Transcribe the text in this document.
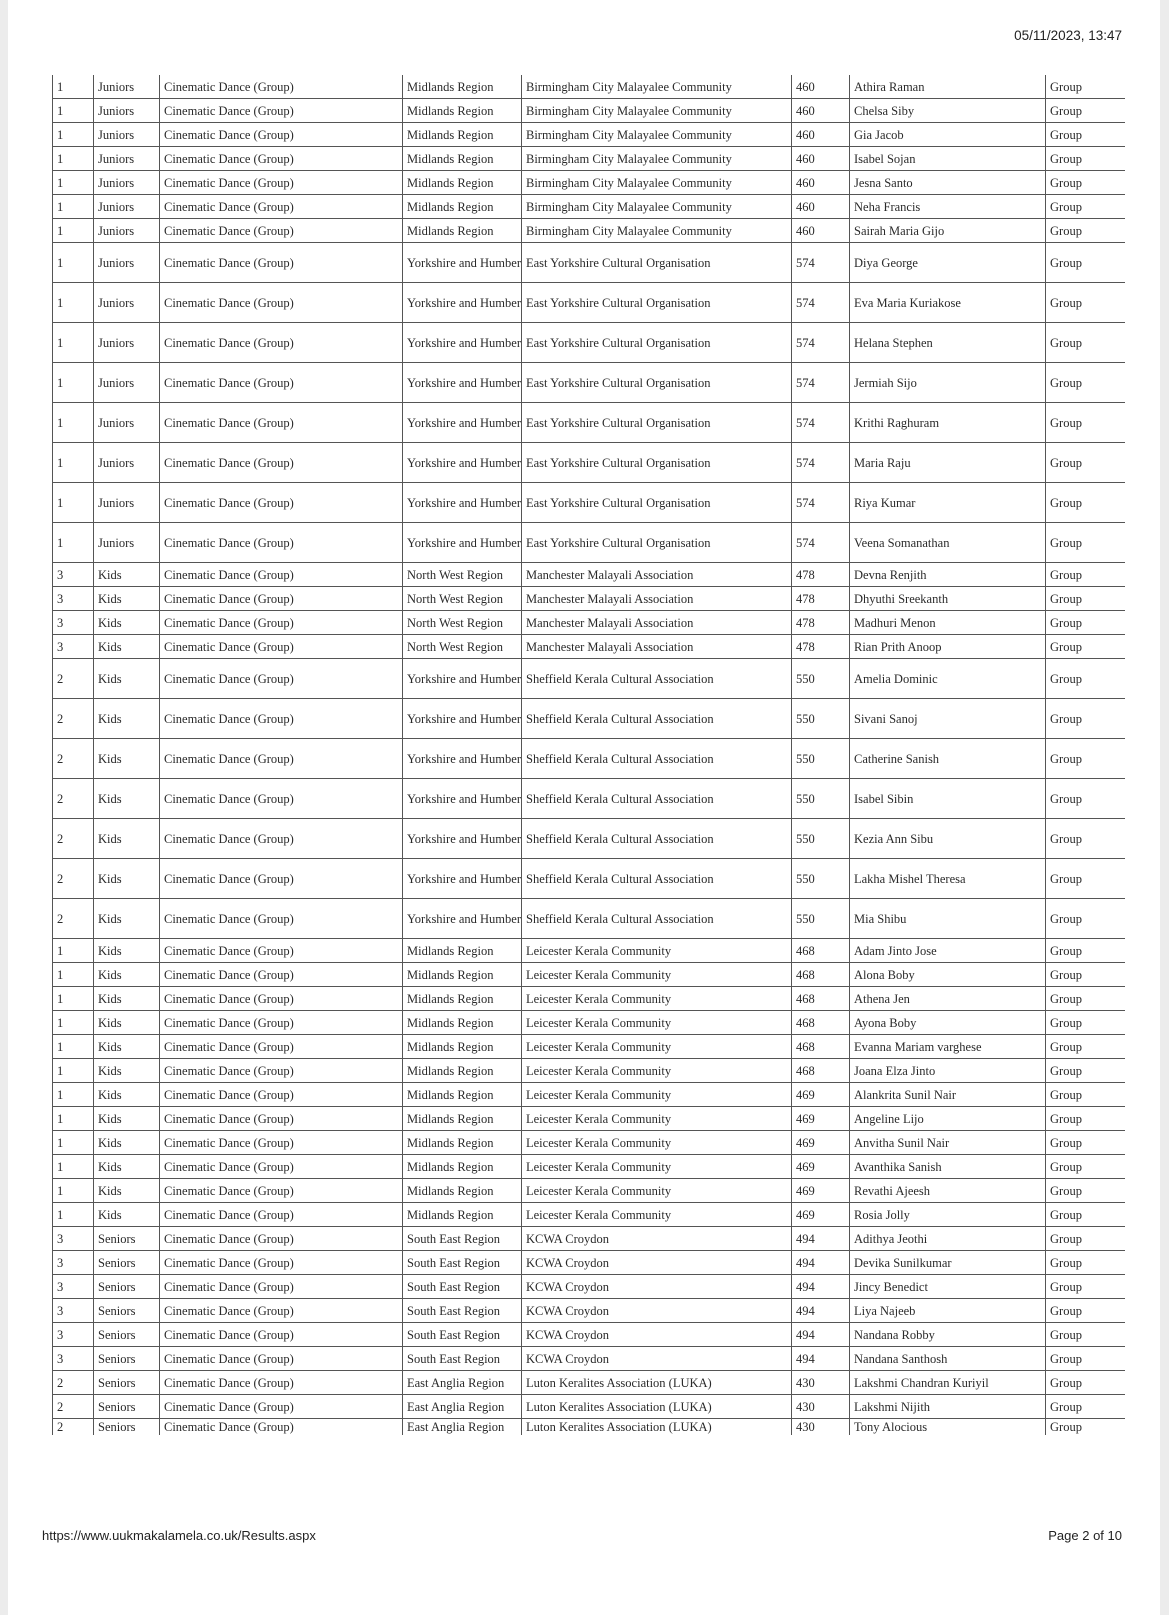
05/11/2023, 13:47
1	Juniors	Cinematic Dance (Group)	Midlands Region	Birmingham City Malayalee Community	460	Athira Raman	Group
1	Juniors	Cinematic Dance (Group)	Midlands Region	Birmingham City Malayalee Community	460	Chelsa Siby	Group
1	Juniors	Cinematic Dance (Group)	Midlands Region	Birmingham City Malayalee Community	460	Gia Jacob	Group
1	Juniors	Cinematic Dance (Group)	Midlands Region	Birmingham City Malayalee Community	460	Isabel Sojan	Group
1	Juniors	Cinematic Dance (Group)	Midlands Region	Birmingham City Malayalee Community	460	Jesna Santo	Group
1	Juniors	Cinematic Dance (Group)	Midlands Region	Birmingham City Malayalee Community	460	Neha Francis	Group
1	Juniors	Cinematic Dance (Group)	Midlands Region	Birmingham City Malayalee Community	460	Sairah Maria Gijo	Group
1	Juniors	Cinematic Dance (Group)	Yorkshire and Humber	East Yorkshire Cultural Organisation	574	Diya George	Group
1	Juniors	Cinematic Dance (Group)	Yorkshire and Humber	East Yorkshire Cultural Organisation	574	Eva Maria Kuriakose	Group
1	Juniors	Cinematic Dance (Group)	Yorkshire and Humber	East Yorkshire Cultural Organisation	574	Helana Stephen	Group
1	Juniors	Cinematic Dance (Group)	Yorkshire and Humber	East Yorkshire Cultural Organisation	574	Jermiah Sijo	Group
1	Juniors	Cinematic Dance (Group)	Yorkshire and Humber	East Yorkshire Cultural Organisation	574	Krithi Raghuram	Group
1	Juniors	Cinematic Dance (Group)	Yorkshire and Humber	East Yorkshire Cultural Organisation	574	Maria Raju	Group
1	Juniors	Cinematic Dance (Group)	Yorkshire and Humber	East Yorkshire Cultural Organisation	574	Riya Kumar	Group
1	Juniors	Cinematic Dance (Group)	Yorkshire and Humber	East Yorkshire Cultural Organisation	574	Veena Somanathan	Group
3	Kids	Cinematic Dance (Group)	North West Region	Manchester Malayali Association	478	Devna Renjith	Group
3	Kids	Cinematic Dance (Group)	North West Region	Manchester Malayali Association	478	Dhyuthi Sreekanth	Group
3	Kids	Cinematic Dance (Group)	North West Region	Manchester Malayali Association	478	Madhuri Menon	Group
3	Kids	Cinematic Dance (Group)	North West Region	Manchester Malayali Association	478	Rian Prith Anoop	Group
2	Kids	Cinematic Dance (Group)	Yorkshire and Humber	Sheffield Kerala Cultural Association	550	Amelia Dominic	Group
2	Kids	Cinematic Dance (Group)	Yorkshire and Humber	Sheffield Kerala Cultural Association	550	Sivani Sanoj	Group
2	Kids	Cinematic Dance (Group)	Yorkshire and Humber	Sheffield Kerala Cultural Association	550	Catherine Sanish	Group
2	Kids	Cinematic Dance (Group)	Yorkshire and Humber	Sheffield Kerala Cultural Association	550	Isabel Sibin	Group
2	Kids	Cinematic Dance (Group)	Yorkshire and Humber	Sheffield Kerala Cultural Association	550	Kezia Ann Sibu	Group
2	Kids	Cinematic Dance (Group)	Yorkshire and Humber	Sheffield Kerala Cultural Association	550	Lakha Mishel Theresa	Group
2	Kids	Cinematic Dance (Group)	Yorkshire and Humber	Sheffield Kerala Cultural Association	550	Mia Shibu	Group
1	Kids	Cinematic Dance (Group)	Midlands Region	Leicester Kerala Community	468	Adam Jinto Jose	Group
1	Kids	Cinematic Dance (Group)	Midlands Region	Leicester Kerala Community	468	Alona Boby	Group
1	Kids	Cinematic Dance (Group)	Midlands Region	Leicester Kerala Community	468	Athena Jen	Group
1	Kids	Cinematic Dance (Group)	Midlands Region	Leicester Kerala Community	468	Ayona Boby	Group
1	Kids	Cinematic Dance (Group)	Midlands Region	Leicester Kerala Community	468	Evanna Mariam varghese	Group
1	Kids	Cinematic Dance (Group)	Midlands Region	Leicester Kerala Community	468	Joana Elza Jinto	Group
1	Kids	Cinematic Dance (Group)	Midlands Region	Leicester Kerala Community	469	Alankrita Sunil Nair	Group
1	Kids	Cinematic Dance (Group)	Midlands Region	Leicester Kerala Community	469	Angeline Lijo	Group
1	Kids	Cinematic Dance (Group)	Midlands Region	Leicester Kerala Community	469	Anvitha Sunil Nair	Group
1	Kids	Cinematic Dance (Group)	Midlands Region	Leicester Kerala Community	469	Avanthika Sanish	Group
1	Kids	Cinematic Dance (Group)	Midlands Region	Leicester Kerala Community	469	Revathi Ajeesh	Group
1	Kids	Cinematic Dance (Group)	Midlands Region	Leicester Kerala Community	469	Rosia Jolly	Group
3	Seniors	Cinematic Dance (Group)	South East Region	KCWA Croydon	494	Adithya Jeothi	Group
3	Seniors	Cinematic Dance (Group)	South East Region	KCWA Croydon	494	Devika Sunilkumar	Group
3	Seniors	Cinematic Dance (Group)	South East Region	KCWA Croydon	494	Jincy Benedict	Group
3	Seniors	Cinematic Dance (Group)	South East Region	KCWA Croydon	494	Liya Najeeb	Group
3	Seniors	Cinematic Dance (Group)	South East Region	KCWA Croydon	494	Nandana Robby	Group
3	Seniors	Cinematic Dance (Group)	South East Region	KCWA Croydon	494	Nandana Santhosh	Group
2	Seniors	Cinematic Dance (Group)	East Anglia Region	Luton Keralites Association (LUKA)	430	Lakshmi Chandran Kuriyil	Group
2	Seniors	Cinematic Dance (Group)	East Anglia Region	Luton Keralites Association (LUKA)	430	Lakshmi Nijith	Group
2	Seniors	Cinematic Dance (Group)	East Anglia Region	Luton Keralites Association (LUKA)	430	Tony Alocious	Group
https://www.uukmakalamela.co.uk/Results.aspx	Page 2 of 10
